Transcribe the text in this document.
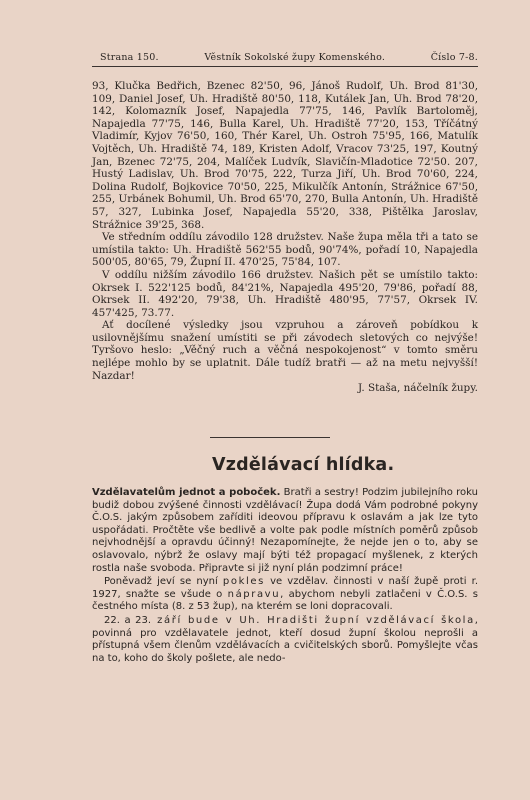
Strana 150.	Věstník Sokolské župy Komenského.	Číslo 7-8.

93, Klučka Bedřich, Bzenec 82'50, 96, Jánoš Rudolf, Uh. Brod 81'30, 109, Daniel Josef, Uh. Hradiště 80'50, 118, Kutálek Jan, Uh. Brod 78'20, 142, Kolomazník Josef, Napajedla 77'75, 146, Pavlík Bartoloměj, Napajedla 77'75, 146, Bulla Karel, Uh. Hradiště 77'20, 153, Tříčátný Vladimír, Kyjov 76'50, 160, Thér Karel, Uh. Ostroh 75'95, 166, Matulík Vojtěch, Uh. Hradiště 74, 189, Kristen Adolf, Vracov 73'25, 197, Koutný Jan, Bzenec 72'75, 204, Malíček Ludvík, Slavičín-Mladotice 72'50. 207, Hustý Ladislav, Uh. Brod 70'75, 222, Turza Jiří, Uh. Brod 70'60, 224, Dolina Rudolf, Bojkovice 70'50, 225, Mikulčík Antonín, Strážnice 67'50, 255, Urbánek Bohumil, Uh. Brod 65'70, 270, Bulla Antonín, Uh. Hradiště 57, 327, Lubinka Josef, Napajedla 55'20, 338, Pištělka Jaroslav, Strážnice 39'25, 368.

Ve středním oddílu závodilo 128 družstev. Naše župa měla tři a tato se umístila takto: Uh. Hradiště 562'55 bodů, 90'74%, pořadí 10, Napajedla 500'05, 80'65, 79, Župní II. 470'25, 75'84, 107.

V oddílu nižším závodilo 166 družstev. Našich pět se umístilo takto: Okrsek I. 522'125 bodů, 84'21%, Napajedla 495'20, 79'86, pořadí 88, Okrsek II. 492'20, 79'38, Uh. Hradiště 480'95, 77'57, Okrsek IV. 457'425, 73.77.

Ať docílené výsledky jsou vzpruhou a zároveň pobídkou k usilovnějšímu snažení umístiti se při závodech sletových co nejvýše! Tyršovo heslo: „Věčný ruch a věčná nespokojenost“ v tomto směru nejlépe mohlo by se uplatnit. Dále tudíž bratři — až na metu nejvyšší! Nazdar!

J. Staša, náčelník župy.

Vzdělávací hlídka.

Vzdělavatelům jednot a poboček. Bratři a sestry! Podzim jubilejního roku budiž dobou zvýšené činnosti vzdělávací! Župa dodá Vám podrobné pokyny Č.O.S. jakým způsobem zaříditi ideovou přípravu k oslavám a jak lze tyto uspořádati. Pročtěte vše bedlivě a volte pak podle místních poměrů způsob nejvhodnější a opravdu účinný! Nezapomínejte, že nejde jen o to, aby se oslavovalo, nýbrž že oslavy mají býti též propagací myšlenek, z kterých rostla naše svoboda. Připravte si již nyní plán podzimní práce!

Poněvadž jeví se nyní pokles ve vzdělav. činnosti v naší župě proti r. 1927, snažte se všude o nápravu, abychom nebyli zatlačeni v Č.O.S. s čestného místa (8. z 53 žup), na kterém se loni dopracovali.

22. a 23. září bude v Uh. Hradišti župní vzdělávací škola, povinná pro vzdělavatele jednot, kteří dosud župní školou neprošli a přístupná všem členům vzdělávacích a cvičitelských sborů. Pomyšlejte včas na to, koho do školy pošlete, ale nedo-
